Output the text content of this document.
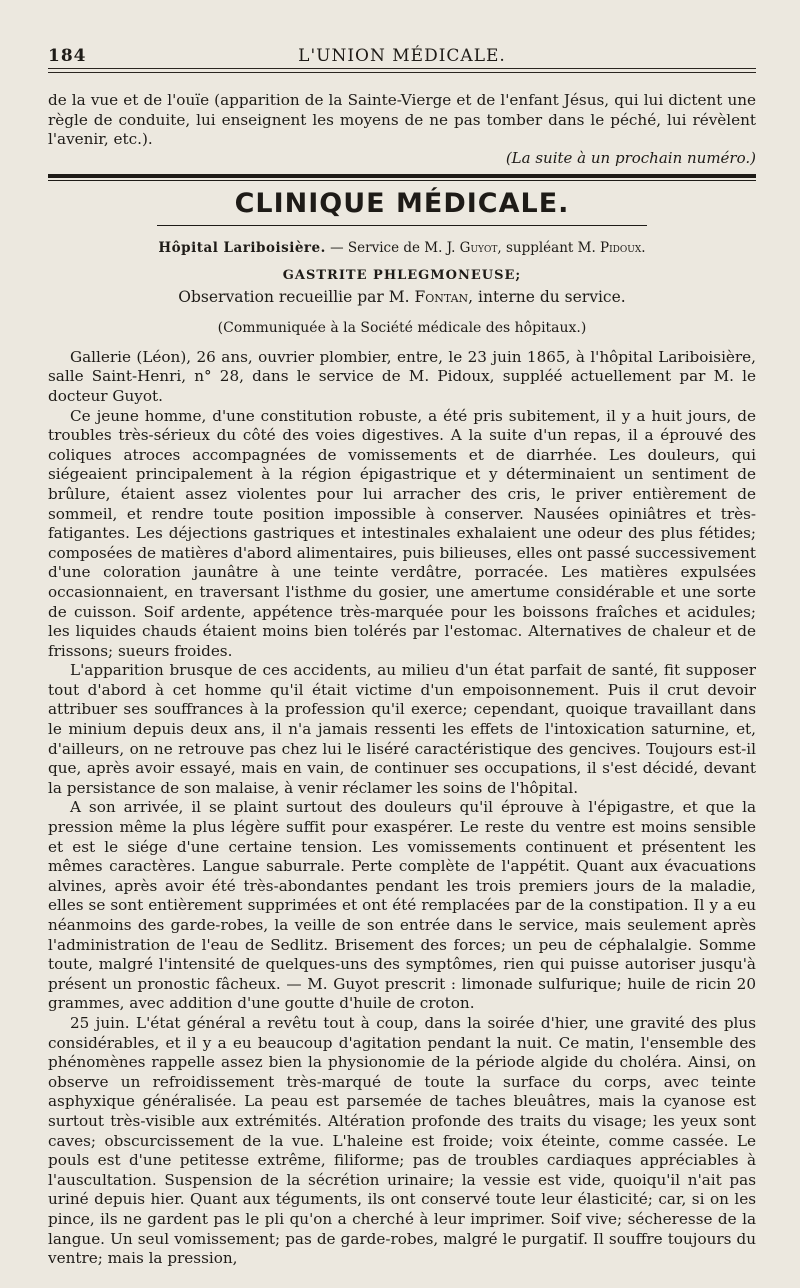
184	L'UNION MÉDICALE.

de la vue et de l'ouïe (apparition de la Sainte-Vierge et de l'enfant Jésus, qui lui dictent une règle de conduite, lui enseignent les moyens de ne pas tomber dans le péché, lui révèlent l'avenir, etc.).

(La suite à un prochain numéro.)
CLINIQUE MÉDICALE.
Hôpital Lariboisière. — Service de M. J. Guyot, suppléant M. Pidoux.
GASTRITE PHLEGMONEUSE;
Observation recueillie par M. Fontan, interne du service.
(Communiquée à la Société médicale des hôpitaux.)

Gallerie (Léon), 26 ans, ouvrier plombier, entre, le 23 juin 1865, à l'hôpital Lariboisière, salle Saint-Henri, n° 28, dans le service de M. Pidoux, suppléé actuellement par M. le docteur Guyot.

Ce jeune homme, d'une constitution robuste, a été pris subitement, il y a huit jours, de troubles très-sérieux du côté des voies digestives. A la suite d'un repas, il a éprouvé des coliques atroces accompagnées de vomissements et de diarrhée. Les douleurs, qui siégeaient principalement à la région épigastrique et y déterminaient un sentiment de brûlure, étaient assez violentes pour lui arracher des cris, le priver entièrement de sommeil, et rendre toute position impossible à conserver. Nausées opiniâtres et très-fatigantes. Les déjections gastriques et intestinales exhalaient une odeur des plus fétides; composées de matières d'abord alimentaires, puis bilieuses, elles ont passé successivement d'une coloration jaunâtre à une teinte verdâtre, porracée. Les matières expulsées occasionnaient, en traversant l'isthme du gosier, une amertume considérable et une sorte de cuisson. Soif ardente, appétence très-marquée pour les boissons fraîches et acidules; les liquides chauds étaient moins bien tolérés par l'estomac. Alternatives de chaleur et de frissons; sueurs froides.

L'apparition brusque de ces accidents, au milieu d'un état parfait de santé, fit supposer tout d'abord à cet homme qu'il était victime d'un empoisonnement. Puis il crut devoir attribuer ses souffrances à la profession qu'il exerce; cependant, quoique travaillant dans le minium depuis deux ans, il n'a jamais ressenti les effets de l'intoxication saturnine, et, d'ailleurs, on ne retrouve pas chez lui le liséré caractéristique des gencives. Toujours est-il que, après avoir essayé, mais en vain, de continuer ses occupations, il s'est décidé, devant la persistance de son malaise, à venir réclamer les soins de l'hôpital.

A son arrivée, il se plaint surtout des douleurs qu'il éprouve à l'épigastre, et que la pression même la plus légère suffit pour exaspérer. Le reste du ventre est moins sensible et est le siége d'une certaine tension. Les vomissements continuent et présentent les mêmes caractères. Langue saburrale. Perte complète de l'appétit. Quant aux évacuations alvines, après avoir été très-abondantes pendant les trois premiers jours de la maladie, elles se sont entièrement supprimées et ont été remplacées par de la constipation. Il y a eu néanmoins des garde-robes, la veille de son entrée dans le service, mais seulement après l'administration de l'eau de Sedlitz. Brisement des forces; un peu de céphalalgie. Somme toute, malgré l'intensité de quelques-uns des symptômes, rien qui puisse autoriser jusqu'à présent un pronostic fâcheux. — M. Guyot prescrit : limonade sulfurique; huile de ricin 20 grammes, avec addition d'une goutte d'huile de croton.

25 juin. L'état général a revêtu tout à coup, dans la soirée d'hier, une gravité des plus considérables, et il y a eu beaucoup d'agitation pendant la nuit. Ce matin, l'ensemble des phénomènes rappelle assez bien la physionomie de la période algide du choléra. Ainsi, on observe un refroidissement très-marqué de toute la surface du corps, avec teinte asphyxique généralisée. La peau est parsemée de taches bleuâtres, mais la cyanose est surtout très-visible aux extrémités. Altération profonde des traits du visage; les yeux sont caves; obscurcissement de la vue. L'haleine est froide; voix éteinte, comme cassée. Le pouls est d'une petitesse extrême, filiforme; pas de troubles cardiaques appréciables à l'auscultation. Suspension de la sécrétion urinaire; la vessie est vide, quoiqu'il n'ait pas uriné depuis hier. Quant aux téguments, ils ont conservé toute leur élasticité; car, si on les pince, ils ne gardent pas le pli qu'on a cherché à leur imprimer. Soif vive; sécheresse de la langue. Un seul vomissement; pas de garde-robes, malgré le purgatif. Il souffre toujours du ventre; mais la pression,
